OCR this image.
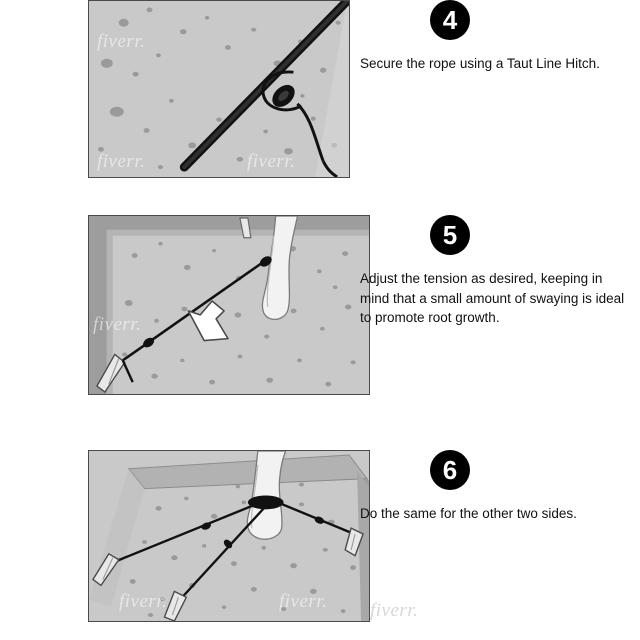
fiverr.
fiverr.	fiverr.
4
Secure the rope using a Taut Line Hitch.
fiverr.
5
Adjust the tension as desired, keeping in mind that a small amount of swaying is ideal to promote root growth.
fiverr.	fiverr.
6
Do the same for the other two sides.
fiverr.
